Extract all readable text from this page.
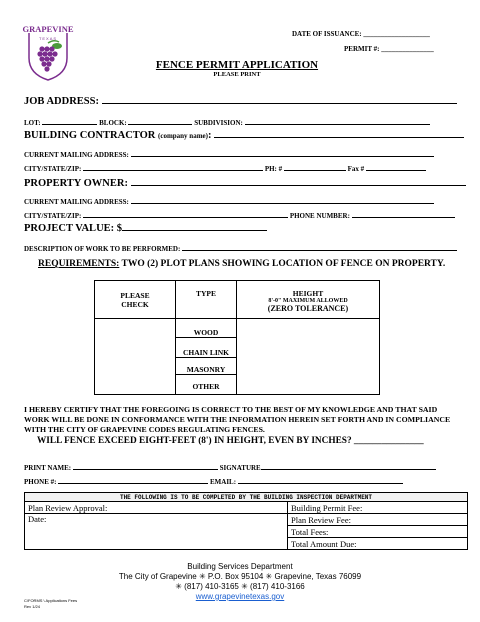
GRAPEVINE
TEXAS
DATE OF ISSUANCE: ___________________
PERMIT #: _______________
FENCE PERMIT APPLICATION
PLEASE PRINT
JOB ADDRESS:
LOT:	BLOCK:	SUBDIVISION:
BUILDING CONTRACTOR (company name):
CURRENT MAILING ADDRESS:
CITY/STATE/ZIP:	PH: #	Fax #
PROPERTY OWNER:
CURRENT MAILING ADDRESS:
CITY/STATE/ZIP:	PHONE NUMBER:
PROJECT VALUE: $
DESCRIPTION OF WORK TO BE PERFORMED:
REQUIREMENTS: TWO (2) PLOT PLANS SHOWING LOCATION OF FENCE ON PROPERTY.
PLEASE CHECK	TYPE	HEIGHT
8'-0" MAXIMUM ALLOWED
(ZERO TOLERANCE)

	WOOD	
	CHAIN LINK	
	MASONRY	
	OTHER	
I HEREBY CERTIFY THAT THE FOREGOING IS CORRECT TO THE BEST OF MY KNOWLEDGE AND THAT SAID WORK WILL BE DONE IN CONFORMANCE WITH THE INFORMATION HEREIN SET FORTH AND IN COMPLIANCE WITH THE CITY OF GRAPEVINE CODES REGULATING FENCES.
WILL FENCE EXCEED EIGHT-FEET (8') IN HEIGHT, EVEN BY INCHES? _______________
PRINT NAME:	SIGNATURE
PHONE #:	EMAIL:
THE FOLLOWING IS TO BE COMPLETED BY THE BUILDING INSPECTION DEPARTMENT	
Plan Review Approval:	Building Permit Fee:
Date:	Plan Review Fee:
	Total Fees:
	Total Amount Due:
Building Services Department
The City of Grapevine ✳ P.O. Box 95104 ✳ Grapevine, Texas 76099
✳ (817) 410-3165 ✳ (817) 410-3166
www.grapevinetexas.gov
C/FORMS \ Applications Fees
Rev 1/24
